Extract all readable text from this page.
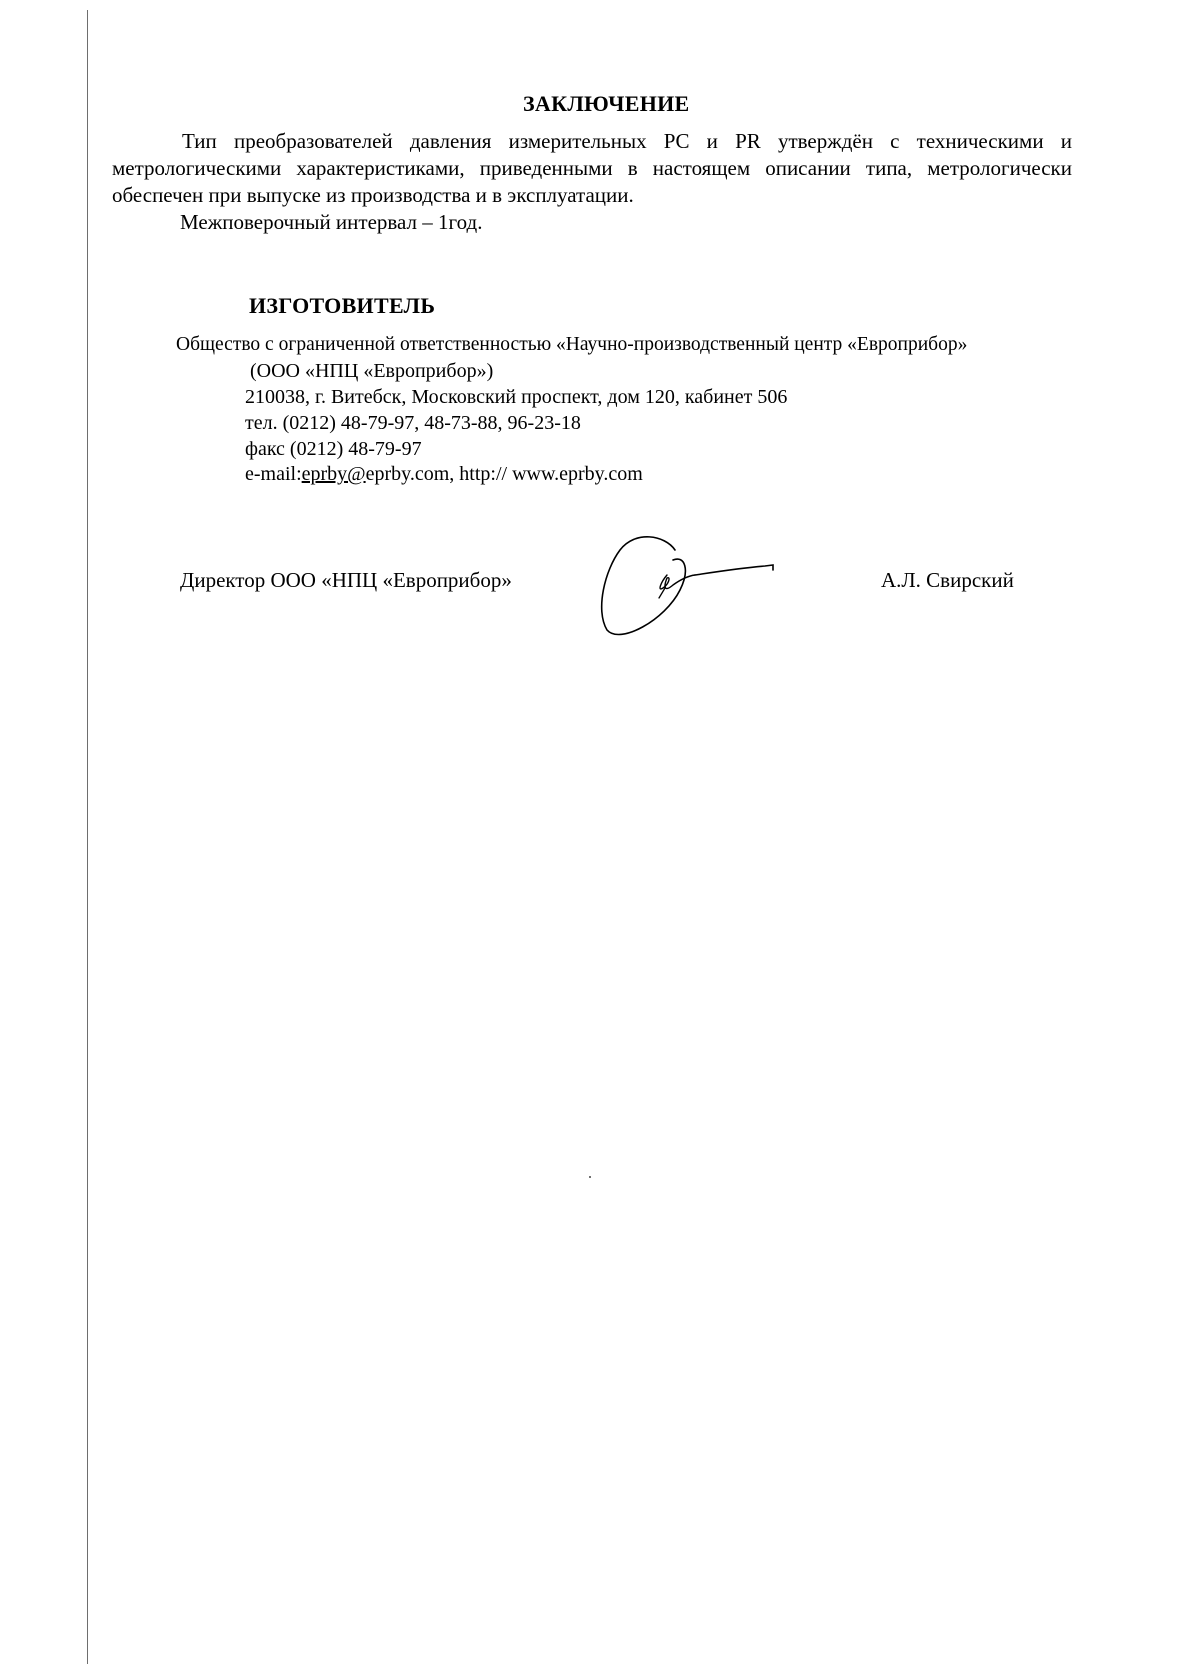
ЗАКЛЮЧЕНИЕ
Тип преобразователей давления измерительных PC и PR утверждён с техническими и метрологическими характеристиками, приведенными в настоящем описании типа, метрологически обеспечен при выпуске из производства и в эксплуатации.
Межповерочный интервал – 1год.
ИЗГОТОВИТЕЛЬ
Общество с ограниченной ответственностью «Научно-производственный центр «Европрибор»
(ООО «НПЦ «Европрибор»)
210038, г. Витебск, Московский проспект, дом 120, кабинет 506
тел. (0212) 48-79-97, 48-73-88, 96-23-18
факс (0212) 48-79-97
e-mail:eprby@eprby.com, http:// www.eprby.com
Директор ООО «НПЦ «Европрибор»	А.Л. Свирский
